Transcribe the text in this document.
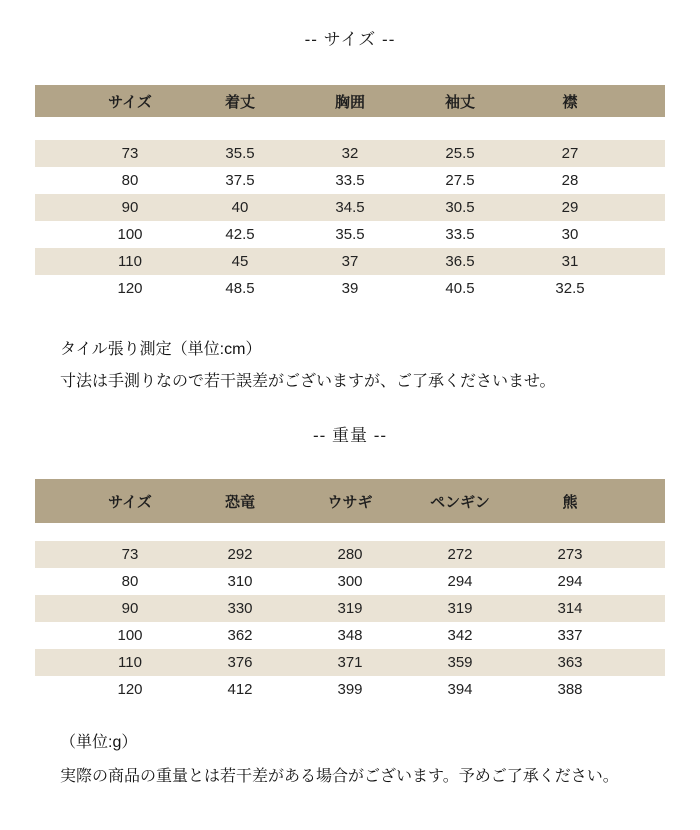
-- サイズ --
サイズ	着丈	胸囲	袖丈	襟
73	35.5	32	25.5	27
80	37.5	33.5	27.5	28
90	40	34.5	30.5	29
100	42.5	35.5	33.5	30
110	45	37	36.5	31
120	48.5	39	40.5	32.5
タイル張り測定（単位:cm）
寸法は手測りなので若干誤差がございますが、ご了承くださいませ。
-- 重量 --
サイズ	恐竜	ウサギ	ペンギン	熊
73	292	280	272	273
80	310	300	294	294
90	330	319	319	314
100	362	348	342	337
110	376	371	359	363
120	412	399	394	388
（単位:g）
実際の商品の重量とは若干差がある場合がございます。予めご了承ください。
